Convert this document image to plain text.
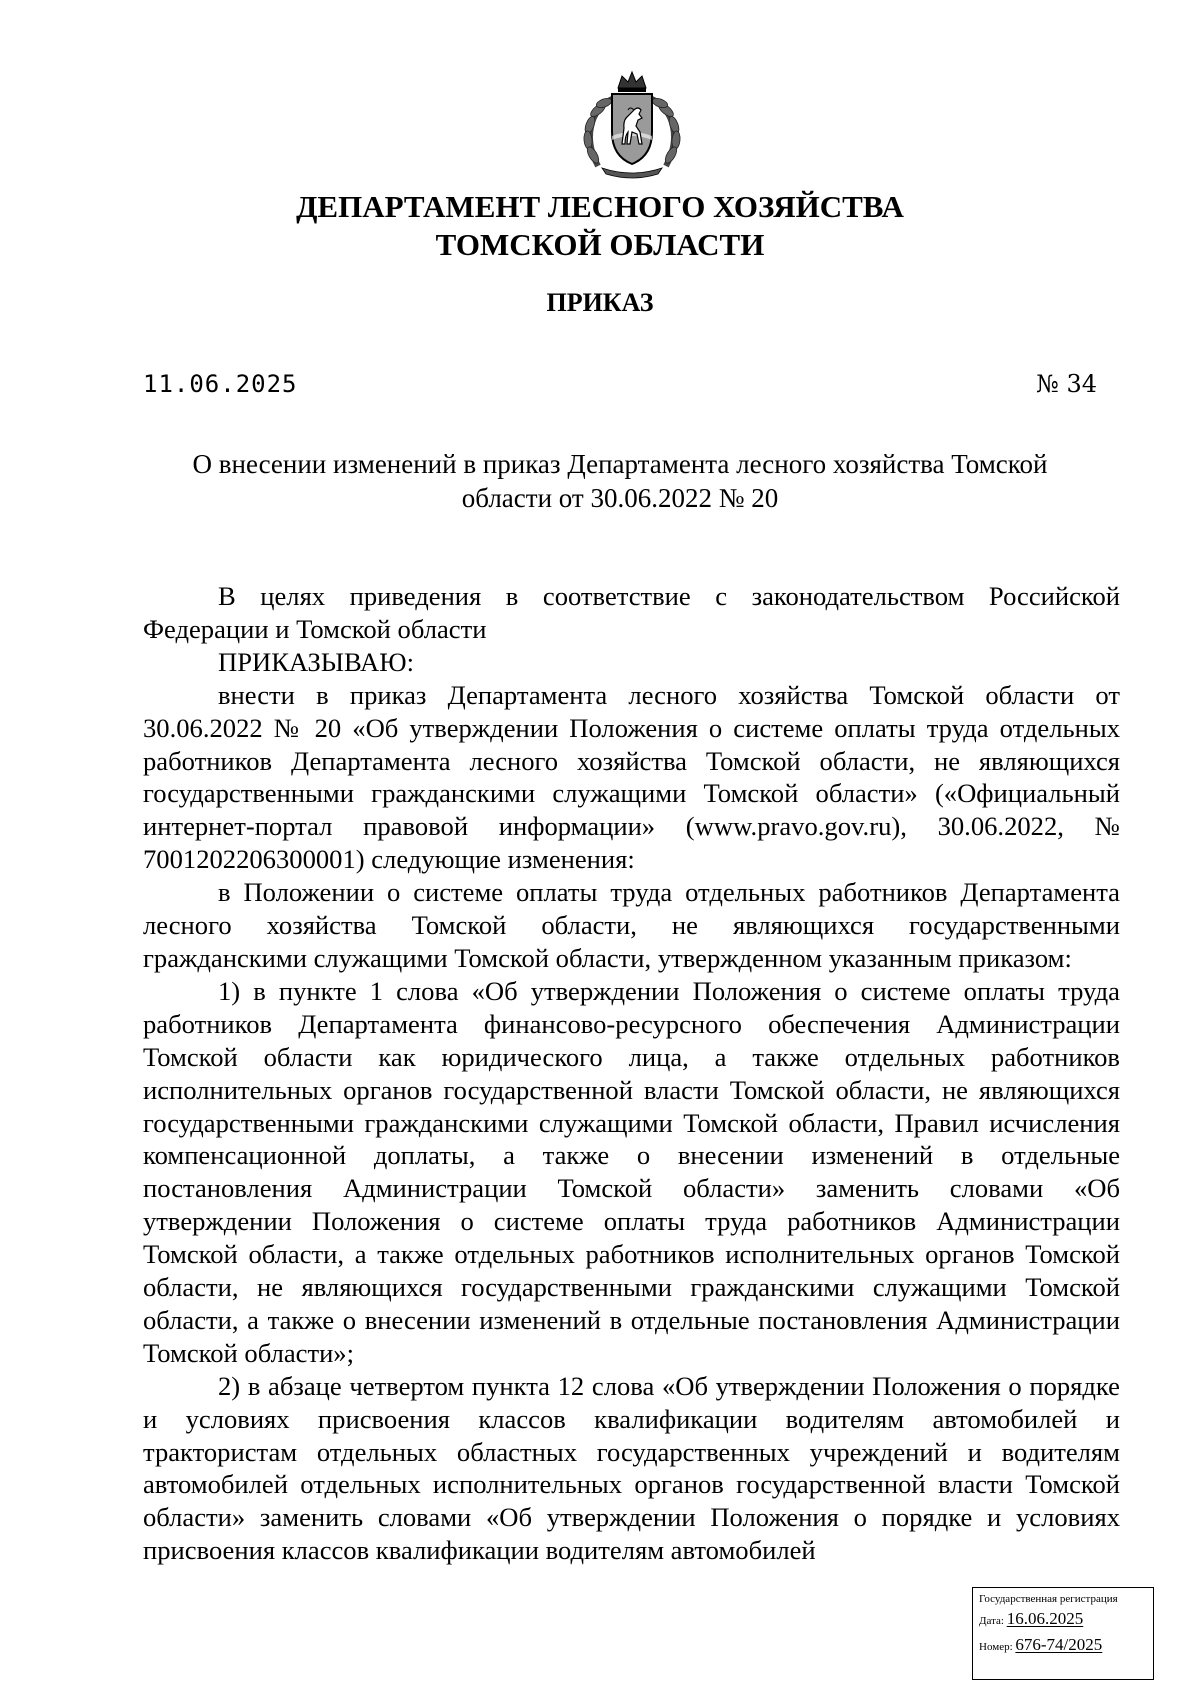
ДЕПАРТАМЕНТ ЛЕСНОГО ХОЗЯЙСТВА
ТОМСКОЙ ОБЛАСТИ
ПРИКАЗ
11.06.2025	№ 34
О внесении изменений в приказ Департамента лесного хозяйства Томской
области от 30.06.2022 № 20

В целях приведения в соответствие с законодательством Российской Федерации и Томской области

ПРИКАЗЫВАЮ:

внести в приказ Департамента лесного хозяйства Томской области от 30.06.2022 № 20 «Об утверждении Положения о системе оплаты труда отдельных работников Департамента лесного хозяйства Томской области, не являющихся государственными гражданскими служащими Томской области» («Официальный интернет-портал правовой информации» (www.pravo.gov.ru), 30.06.2022, № 7001202206300001) следующие изменения:

в Положении о системе оплаты труда отдельных работников Департамента лесного хозяйства Томской области, не являющихся государственными гражданскими служащими Томской области, утвержденном указанным приказом:

1) в пункте 1 слова «Об утверждении Положения о системе оплаты труда работников Департамента финансово-ресурсного обеспечения Администрации Томской области как юридического лица, а также отдельных работников исполнительных органов государственной власти Томской области, не являющихся государственными гражданскими служащими Томской области, Правил исчисления компенсационной доплаты, а также о внесении изменений в отдельные постановления Администрации Томской области» заменить словами «Об утверждении Положения о системе оплаты труда работников Администрации Томской области, а также отдельных работников исполнительных органов Томской области, не являющихся государственными гражданскими служащими Томской области, а также о внесении изменений в отдельные постановления Администрации Томской области»;

2) в абзаце четвертом пункта 12 слова «Об утверждении Положения о порядке и условиях присвоения классов квалификации водителям автомобилей и трактористам отдельных областных государственных учреждений и водителям автомобилей отдельных исполнительных органов государственной власти Томской области» заменить словами «Об утверждении Положения о порядке и условиях присвоения классов квалификации водителям автомобилей

Государственная регистрация
Дата: 16.06.2025
Номер: 676-74/2025
